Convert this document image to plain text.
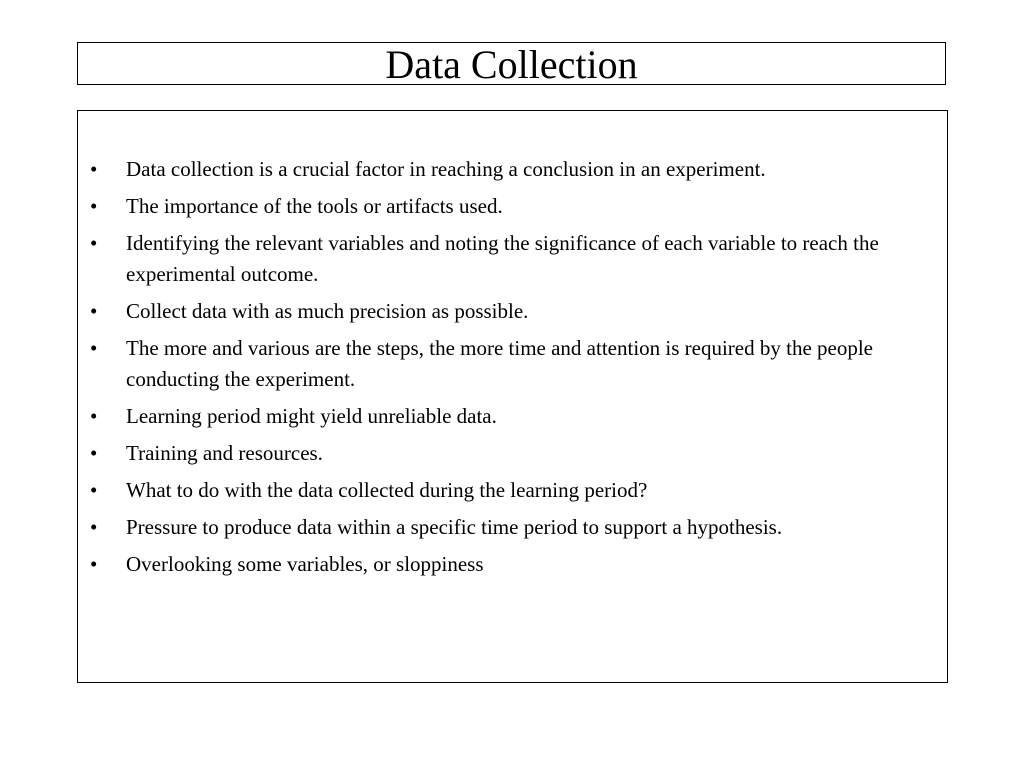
Data Collection
• Data collection is a crucial factor in reaching a conclusion in an experiment.
• The importance of the tools or artifacts used.
• Identifying the relevant variables and noting the significance of each variable to reach the experimental outcome.
• Collect data with as much precision as possible.
• The more and various are the steps, the more time and attention is required by the people conducting the experiment.
• Learning period might yield unreliable data.
• Training and resources.
• What to do with the data collected during the learning period?
• Pressure to produce data within a specific time period to support a hypothesis.
• Overlooking some variables, or sloppiness
